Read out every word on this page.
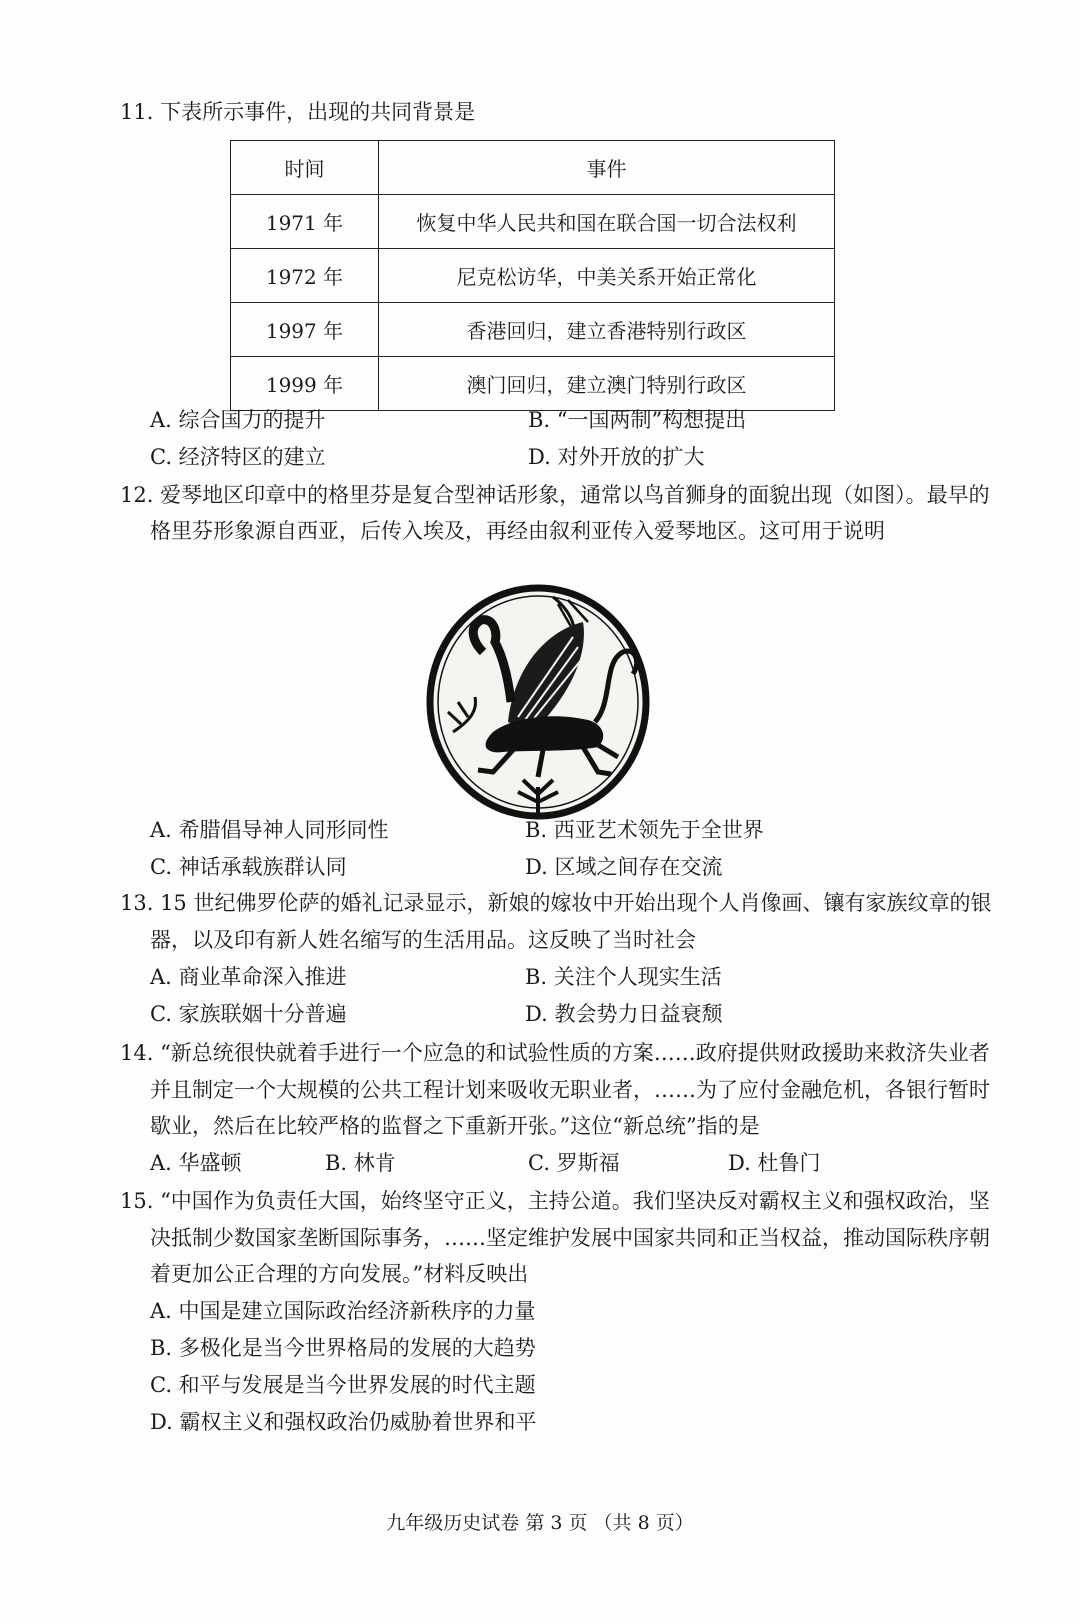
11. 下表所示事件，出现的共同背景是
时间	事件
1971 年	恢复中华人民共和国在联合国一切合法权利
1972 年	尼克松访华，中美关系开始正常化
1997 年	香港回归，建立香港特别行政区
1999 年	澳门回归，建立澳门特别行政区
A. 综合国力的提升	B. “一国两制”构想提出
C. 经济特区的建立	D. 对外开放的扩大
12. 爱琴地区印章中的格里芬是复合型神话形象，通常以鸟首狮身的面貌出现（如图）。最早的
格里芬形象源自西亚，后传入埃及，再经由叙利亚传入爱琴地区。这可用于说明
A. 希腊倡导神人同形同性	B. 西亚艺术领先于全世界
C. 神话承载族群认同	D. 区域之间存在交流
13. 15 世纪佛罗伦萨的婚礼记录显示，新娘的嫁妆中开始出现个人肖像画、镶有家族纹章的银
器，以及印有新人姓名缩写的生活用品。这反映了当时社会
A. 商业革命深入推进	B. 关注个人现实生活
C. 家族联姻十分普遍	D. 教会势力日益衰颓
14. “新总统很快就着手进行一个应急的和试验性质的方案……政府提供财政援助来救济失业者
并且制定一个大规模的公共工程计划来吸收无职业者，……为了应付金融危机，各银行暂时
歇业，然后在比较严格的监督之下重新开张。”这位“新总统”指的是
A. 华盛顿	B. 林肯	C. 罗斯福	D. 杜鲁门
15. “中国作为负责任大国，始终坚守正义，主持公道。我们坚决反对霸权主义和强权政治，坚
决抵制少数国家垄断国际事务，……坚定维护发展中国家共同和正当权益，推动国际秩序朝
着更加公正合理的方向发展。”材料反映出
A. 中国是建立国际政治经济新秩序的力量
B. 多极化是当今世界格局的发展的大趋势
C. 和平与发展是当今世界发展的时代主题
D. 霸权主义和强权政治仍威胁着世界和平
九年级历史试卷 第 3 页 （共 8 页）
